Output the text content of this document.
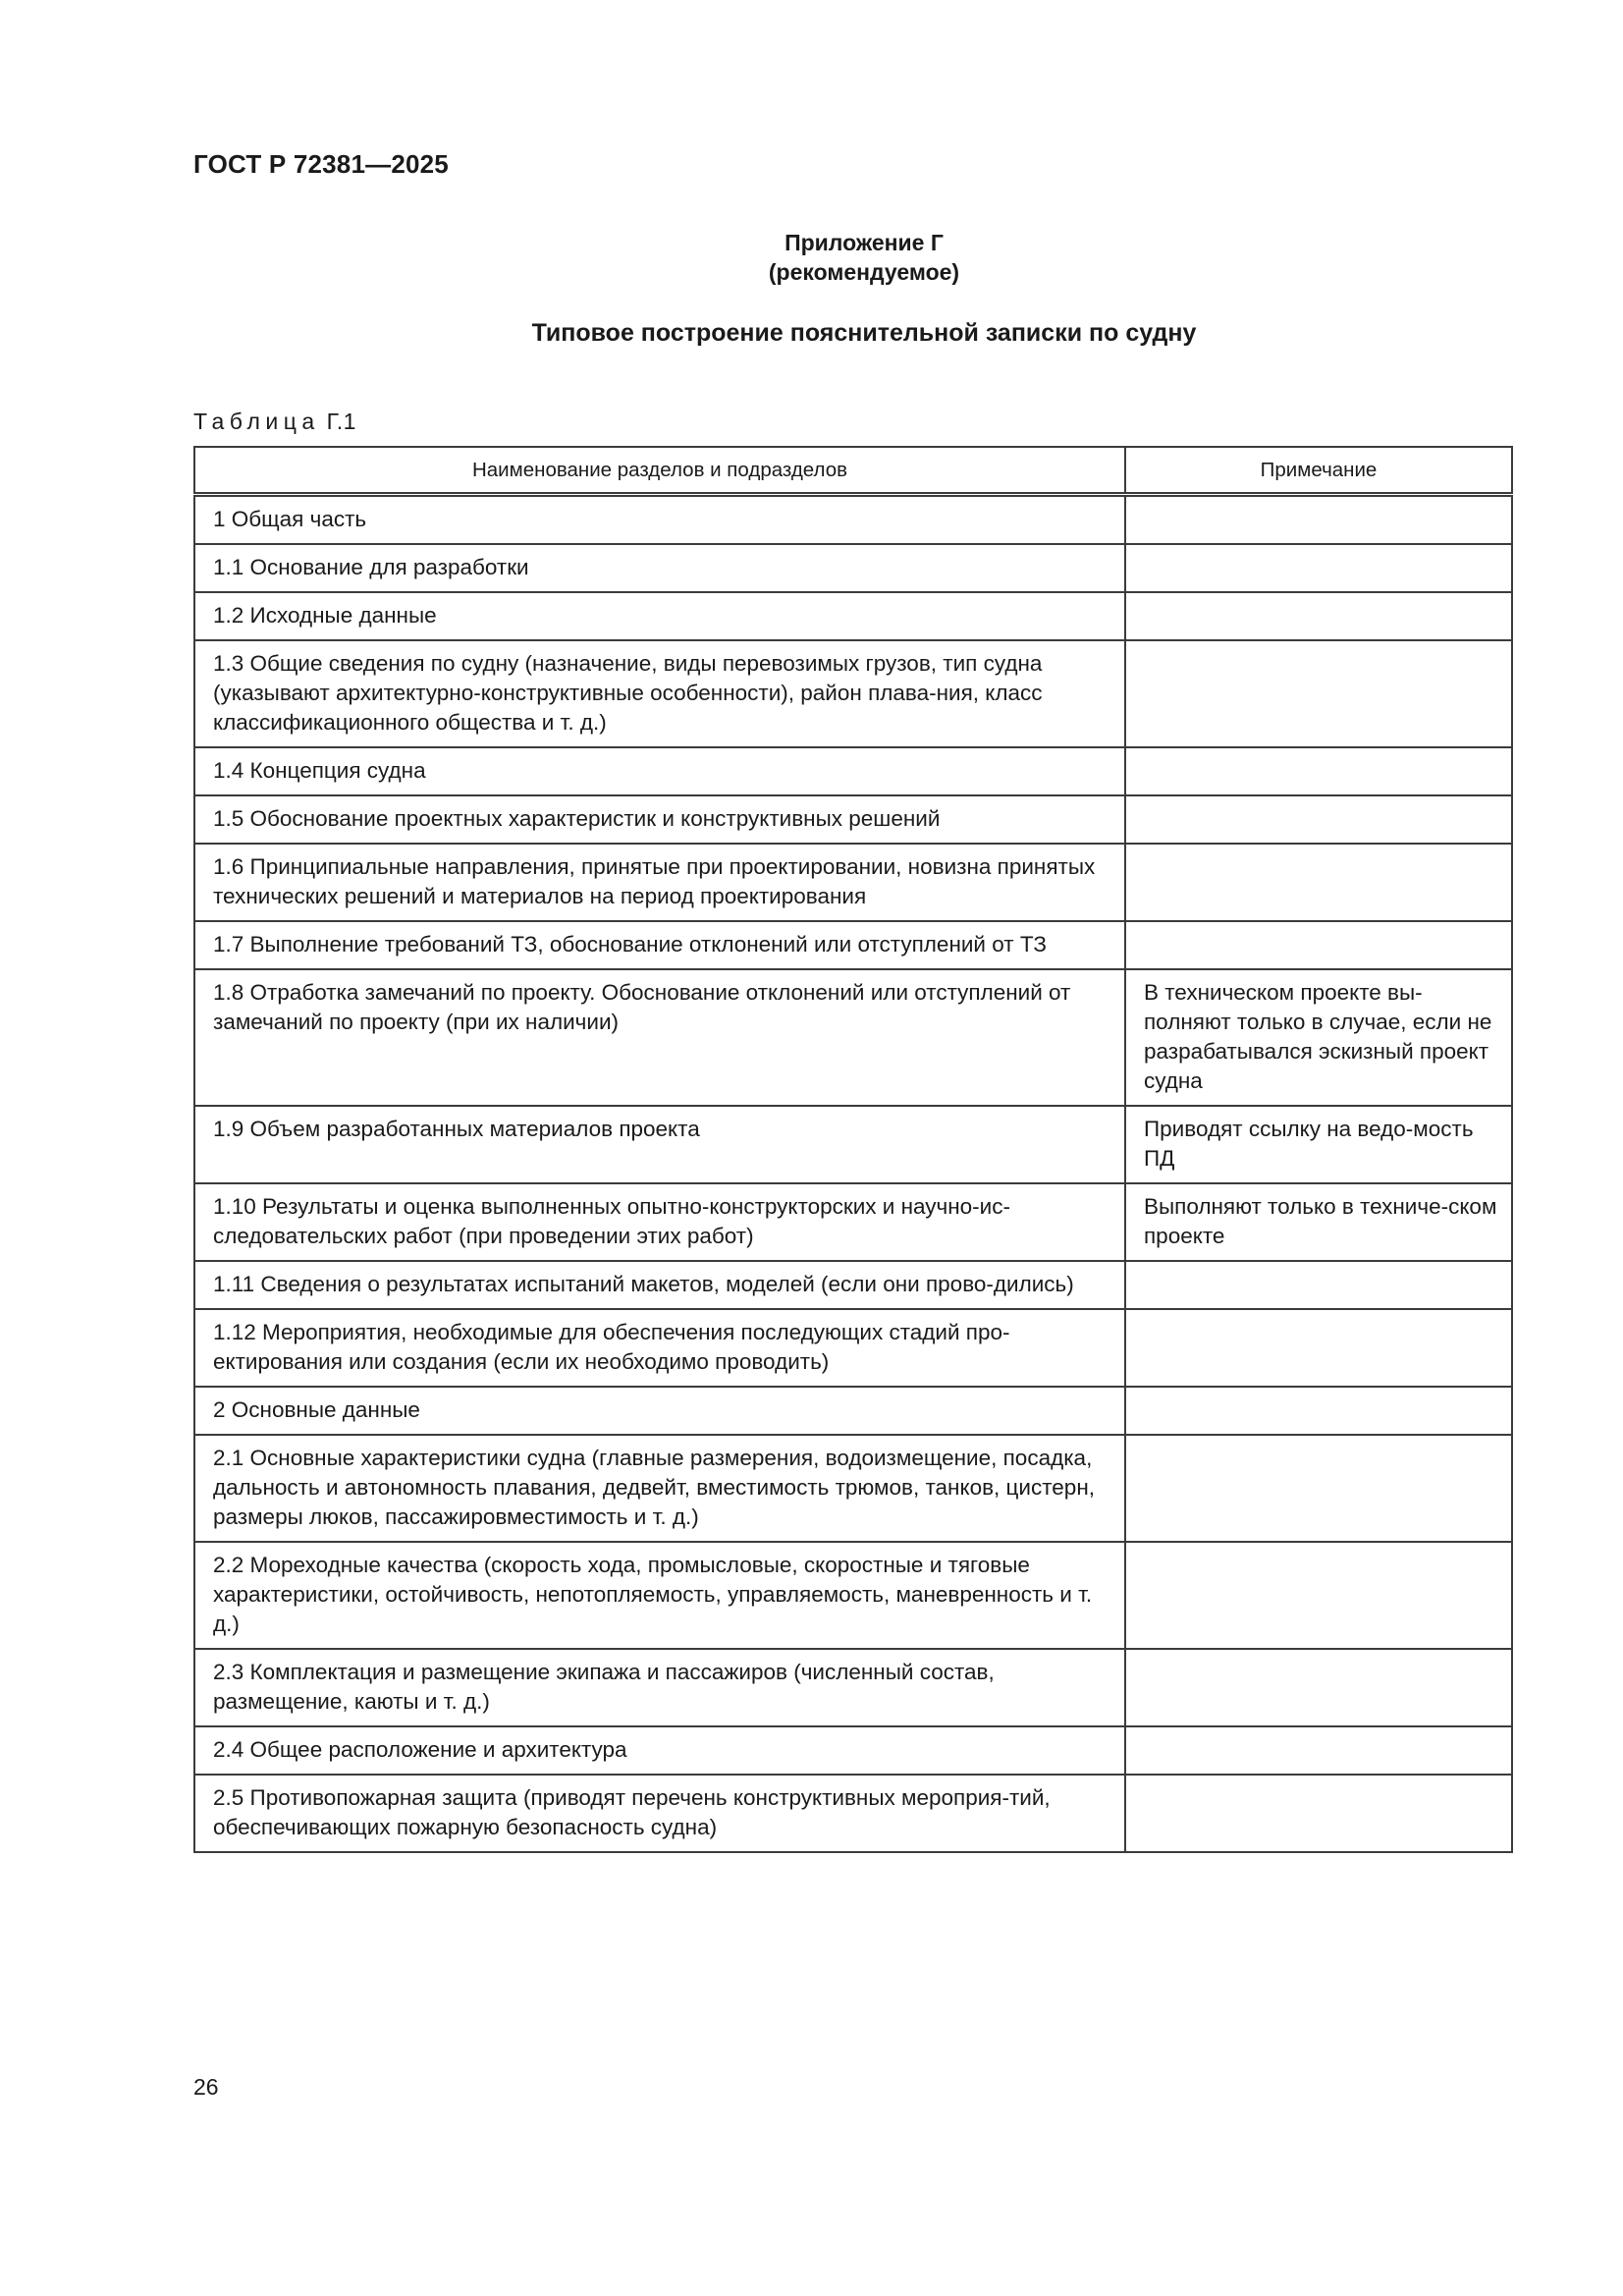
ГОСТ Р 72381—2025
Приложение Г
(рекомендуемое)
Типовое построение пояснительной записки по судну
Таблица Г.1
Наименование разделов и подразделов	Примечание
1 Общая часть	
1.1 Основание для разработки	
1.2 Исходные данные	
1.3 Общие сведения по судну (назначение, виды перевозимых грузов, тип судна (указывают архитектурно-конструктивные особенности), район плава-ния, класс классификационного общества и т. д.)	
1.4 Концепция судна	
1.5 Обоснование проектных характеристик и конструктивных решений	
1.6 Принципиальные направления, принятые при проектировании, новизна принятых технических решений и материалов на период проектирования	
1.7 Выполнение требований ТЗ, обоснование отклонений или отступлений от ТЗ	
1.8 Отработка замечаний по проекту. Обоснование отклонений или отступлений от замечаний по проекту (при их наличии)	В техническом проекте вы-полняют только в случае, если не разрабатывался эскизный проект судна
1.9 Объем разработанных материалов проекта	Приводят ссылку на ведо-мость ПД
1.10 Результаты и оценка выполненных опытно-конструкторских и научно-ис-следовательских работ (при проведении этих работ)	Выполняют только в техниче-ском проекте
1.11 Сведения о результатах испытаний макетов, моделей (если они прово-дились)	
1.12 Мероприятия, необходимые для обеспечения последующих стадий про-ектирования или создания (если их необходимо проводить)	
2 Основные данные	
2.1 Основные характеристики судна (главные размерения, водоизмещение, посадка, дальность и автономность плавания, дедвейт, вместимость трюмов, танков, цистерн, размеры люков, пассажировместимость и т. д.)	
2.2 Мореходные качества (скорость хода, промысловые, скоростные и тяговые характеристики, остойчивость, непотопляемость, управляемость, маневренность и т. д.)	
2.3 Комплектация и размещение экипажа и пассажиров (численный состав, размещение, каюты и т. д.)	
2.4 Общее расположение и архитектура	
2.5 Противопожарная защита (приводят перечень конструктивных мероприя-тий, обеспечивающих пожарную безопасность судна)	
26
